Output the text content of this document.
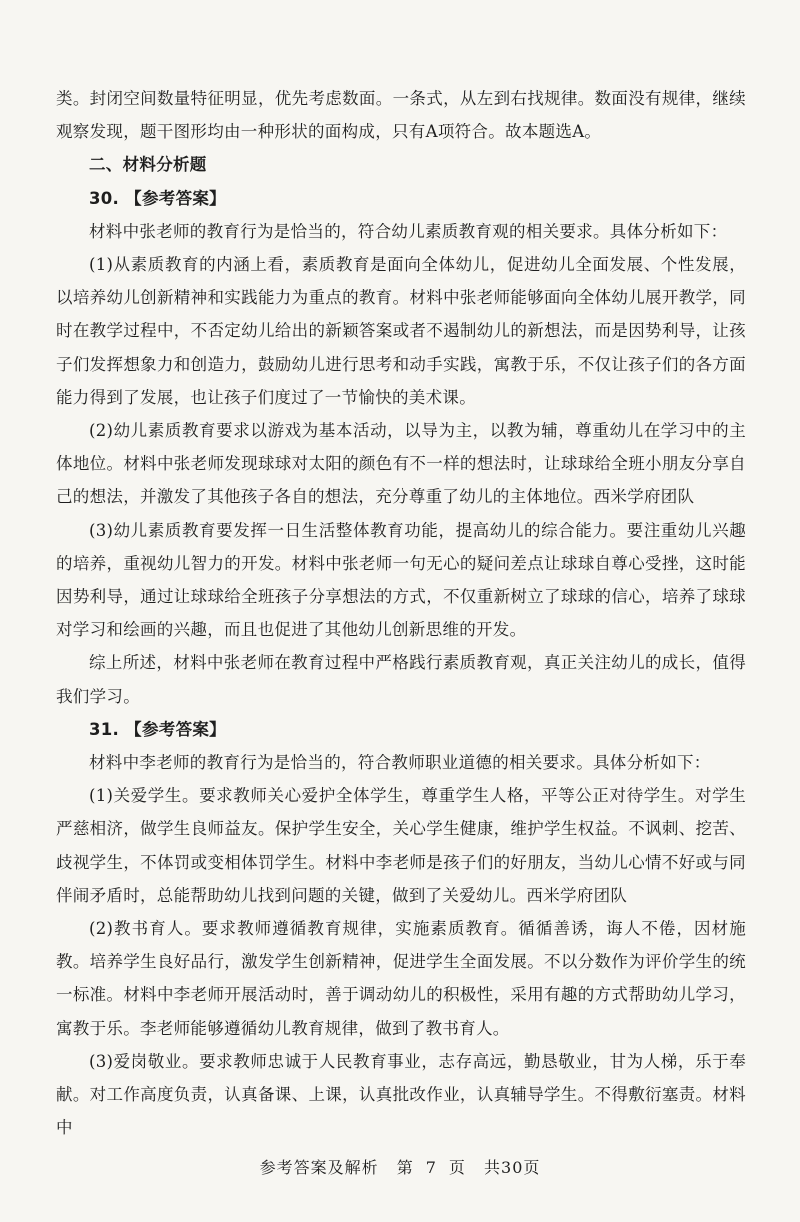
类。封闭空间数量特征明显，优先考虑数面。一条式，从左到右找规律。数面没有规律，继续观察发现，题干图形均由一种形状的面构成，只有A项符合。故本题选A。

二、材料分析题

30. 【参考答案】

材料中张老师的教育行为是恰当的，符合幼儿素质教育观的相关要求。具体分析如下：

(1)从素质教育的内涵上看，素质教育是面向全体幼儿，促进幼儿全面发展、个性发展，以培养幼儿创新精神和实践能力为重点的教育。材料中张老师能够面向全体幼儿展开教学，同时在教学过程中，不否定幼儿给出的新颖答案或者不遏制幼儿的新想法，而是因势利导，让孩子们发挥想象力和创造力，鼓励幼儿进行思考和动手实践，寓教于乐，不仅让孩子们的各方面能力得到了发展，也让孩子们度过了一节愉快的美术课。

(2)幼儿素质教育要求以游戏为基本活动，以导为主，以教为辅，尊重幼儿在学习中的主体地位。材料中张老师发现球球对太阳的颜色有不一样的想法时，让球球给全班小朋友分享自己的想法，并激发了其他孩子各自的想法，充分尊重了幼儿的主体地位。西米学府团队

(3)幼儿素质教育要发挥一日生活整体教育功能，提高幼儿的综合能力。要注重幼儿兴趣的培养，重视幼儿智力的开发。材料中张老师一句无心的疑问差点让球球自尊心受挫，这时能因势利导，通过让球球给全班孩子分享想法的方式，不仅重新树立了球球的信心，培养了球球对学习和绘画的兴趣，而且也促进了其他幼儿创新思维的开发。

综上所述，材料中张老师在教育过程中严格践行素质教育观，真正关注幼儿的成长，值得我们学习。

31. 【参考答案】

材料中李老师的教育行为是恰当的，符合教师职业道德的相关要求。具体分析如下：

(1)关爱学生。要求教师关心爱护全体学生，尊重学生人格，平等公正对待学生。对学生严慈相济，做学生良师益友。保护学生安全，关心学生健康，维护学生权益。不讽刺、挖苦、歧视学生，不体罚或变相体罚学生。材料中李老师是孩子们的好朋友，当幼儿心情不好或与同伴闹矛盾时，总能帮助幼儿找到问题的关键，做到了关爱幼儿。西米学府团队

(2)教书育人。要求教师遵循教育规律，实施素质教育。循循善诱，诲人不倦，因材施教。培养学生良好品行，激发学生创新精神，促进学生全面发展。不以分数作为评价学生的统一标准。材料中李老师开展活动时，善于调动幼儿的积极性，采用有趣的方式帮助幼儿学习，寓教于乐。李老师能够遵循幼儿教育规律，做到了教书育人。

(3)爱岗敬业。要求教师忠诚于人民教育事业，志存高远，勤恳敬业，甘为人梯，乐于奉献。对工作高度负责，认真备课、上课，认真批改作业，认真辅导学生。不得敷衍塞责。材料中

参考答案及解析 第 7 页 共30页
